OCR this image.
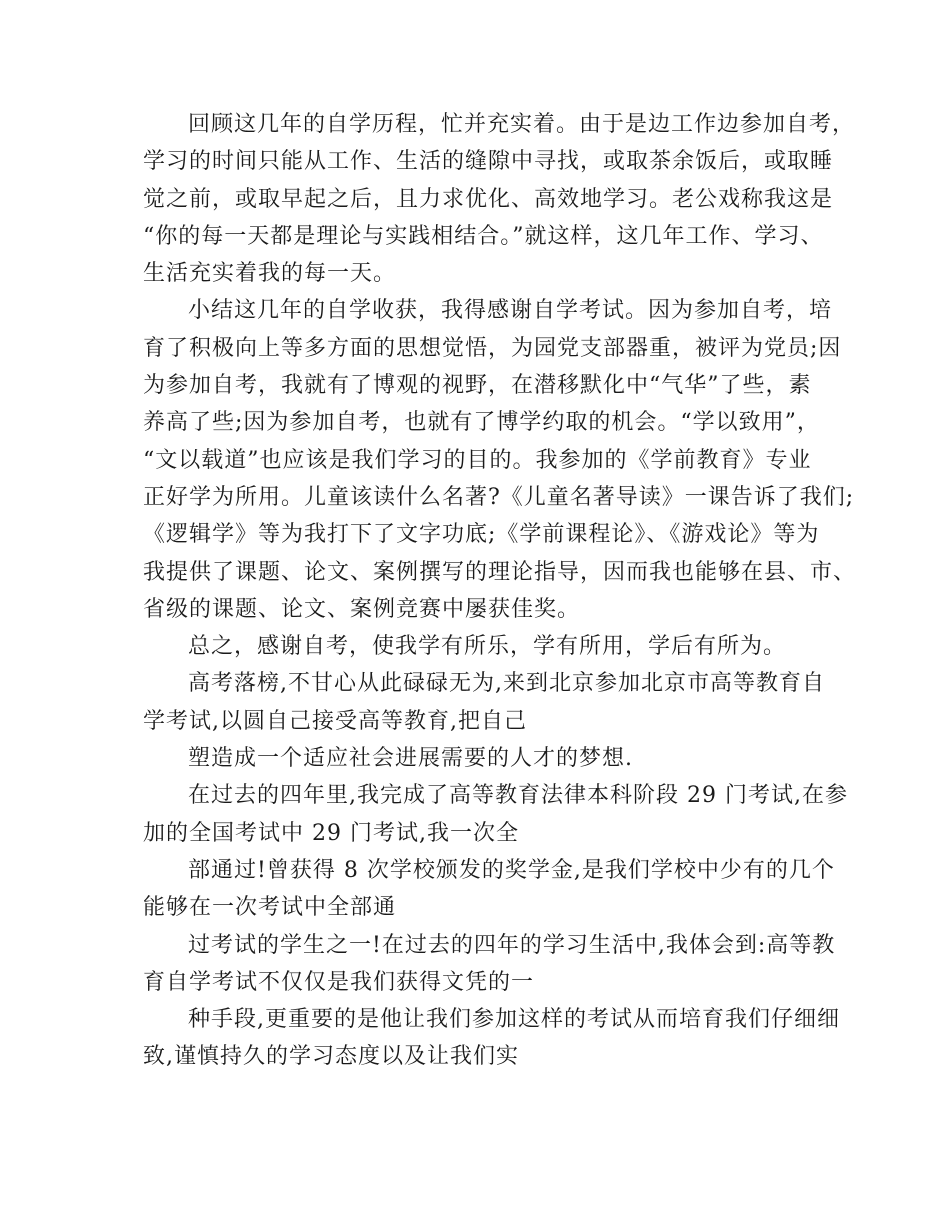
回顾这几年的自学历程，忙并充实着。由于是边工作边参加自考，
学习的时间只能从工作、生活的缝隙中寻找，或取茶余饭后，或取睡
觉之前，或取早起之后，且力求优化、高效地学习。老公戏称我这是
“你的每一天都是理论与实践相结合。”就这样，这几年工作、学习、
生活充实着我的每一天。
小结这几年的自学收获，我得感谢自学考试。因为参加自考，培
育了积极向上等多方面的思想觉悟，为园党支部器重，被评为党员;因
为参加自考，我就有了博观的视野，在潜移默化中“气华”了些，素
养高了些;因为参加自考，也就有了博学约取的机会。“学以致用”，
“文以载道”也应该是我们学习的目的。我参加的《学前教育》专业
正好学为所用。儿童该读什么名著?《儿童名著导读》一课告诉了我们;
《逻辑学》等为我打下了文字功底;《学前课程论》、《游戏论》等为
我提供了课题、论文、案例撰写的理论指导，因而我也能够在县、市、
省级的课题、论文、案例竞赛中屡获佳奖。
总之，感谢自考，使我学有所乐，学有所用，学后有所为。
高考落榜,不甘心从此碌碌无为,来到北京参加北京市高等教育自
学考试,以圆自己接受高等教育,把自己
塑造成一个适应社会进展需要的人才的梦想.
在过去的四年里,我完成了高等教育法律本科阶段 29 门考试,在参
加的全国考试中 29 门考试,我一次全
部通过!曾获得 8 次学校颁发的奖学金,是我们学校中少有的几个
能够在一次考试中全部通
过考试的学生之一!在过去的四年的学习生活中,我体会到:高等教
育自学考试不仅仅是我们获得文凭的一
种手段,更重要的是他让我们参加这样的考试从而培育我们仔细细
致,谨慎持久的学习态度以及让我们实
